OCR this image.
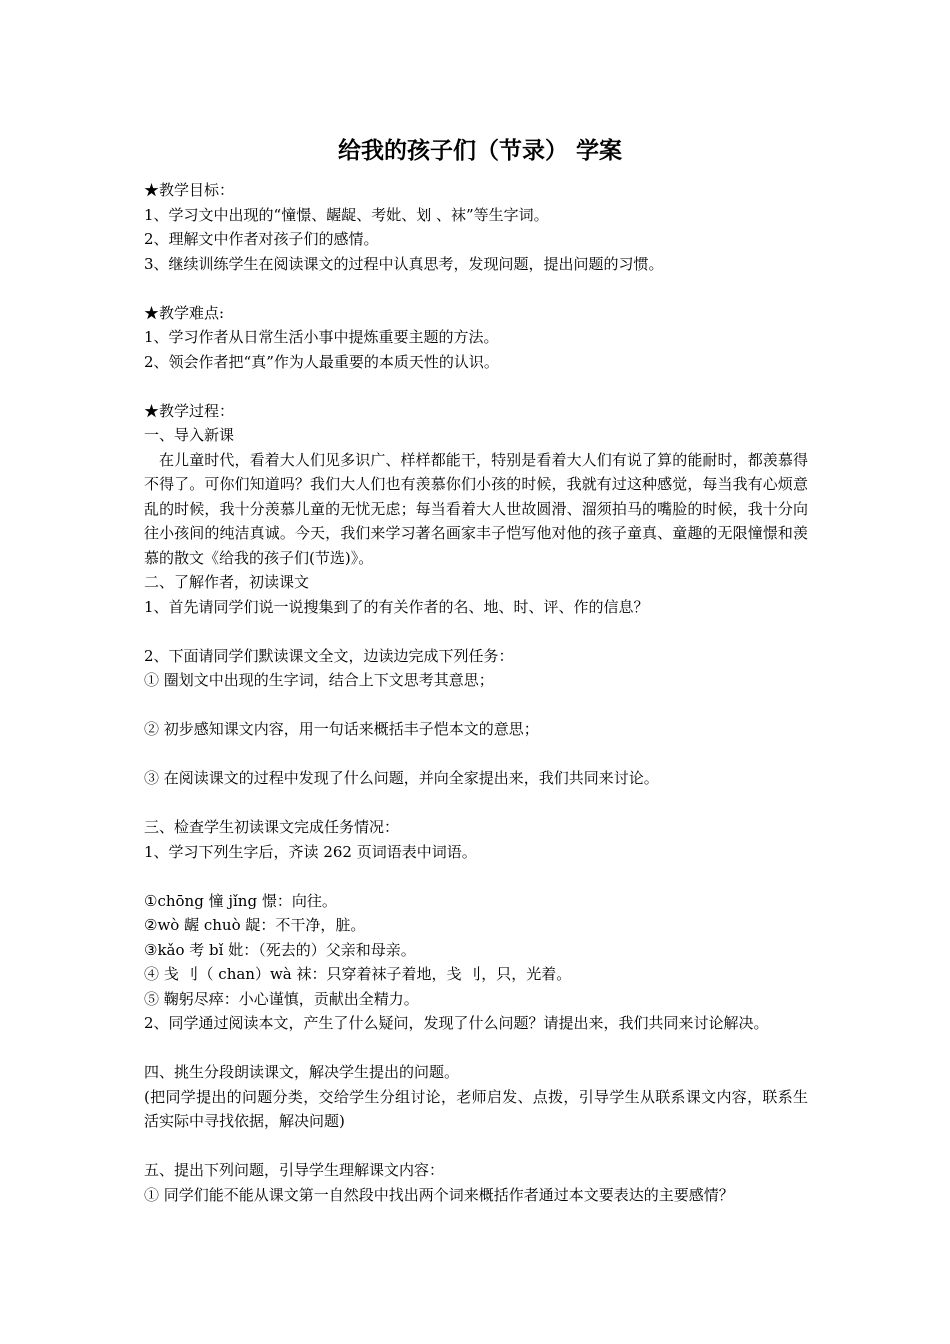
给我的孩子们（节录） 学案
★教学目标：
1、学习文中出现的“憧憬、龌龊、考妣、划 、袜”等生字词。
2、理解文中作者对孩子们的感情。
3、继续训练学生在阅读课文的过程中认真思考，发现问题，提出问题的习惯。
★教学难点:
1、学习作者从日常生活小事中提炼重要主题的方法。
2、领会作者把“真”作为人最重要的本质天性的认识。
★教学过程：
一、导入新课
在儿童时代，看着大人们见多识广、样样都能干，特别是看着大人们有说了算的能耐时，都羡慕得不得了。可你们知道吗？我们大人们也有羡慕你们小孩的时候，我就有过这种感觉，每当我有心烦意乱的时候，我十分羡慕儿童的无忧无虑；每当看着大人世故圆滑、溜须拍马的嘴脸的时候，我十分向往小孩间的纯洁真诚。今天，我们来学习著名画家丰子恺写他对他的孩子童真、童趣的无限憧憬和羡慕的散文《给我的孩子们(节选)》。
二、了解作者，初读课文
1、首先请同学们说一说搜集到了的有关作者的名、地、时、评、作的信息？
2、下面请同学们默读课文全文，边读边完成下列任务：
① 圈划文中出现的生字词，结合上下文思考其意思；
② 初步感知课文内容，用一句话来概括丰子恺本文的意思；
③ 在阅读课文的过程中发现了什么问题，并向全家提出来，我们共同来讨论。
三、检查学生初读课文完成任务情况：
1、学习下列生字后，齐读 262 页词语表中词语。
①chōng 憧 jǐng 憬：向往。
②wò 龌 chuò 龊：不干净，脏。
③kǎo 考 bǐ 妣：（死去的）父亲和母亲。
④ 戋 刂（ chan）wà 袜：只穿着袜子着地，戋 刂，只，光着。
⑤ 鞠躬尽瘁：小心谨慎，贡献出全精力。
2、同学通过阅读本文，产生了什么疑问，发现了什么问题？请提出来，我们共同来讨论解决。
四、挑生分段朗读课文，解决学生提出的问题。
(把同学提出的问题分类，交给学生分组讨论，老师启发、点拨，引导学生从联系课文内容，联系生活实际中寻找依据，解决问题)
五、提出下列问题，引导学生理解课文内容：
① 同学们能不能从课文第一自然段中找出两个词来概括作者通过本文要表达的主要感情？
